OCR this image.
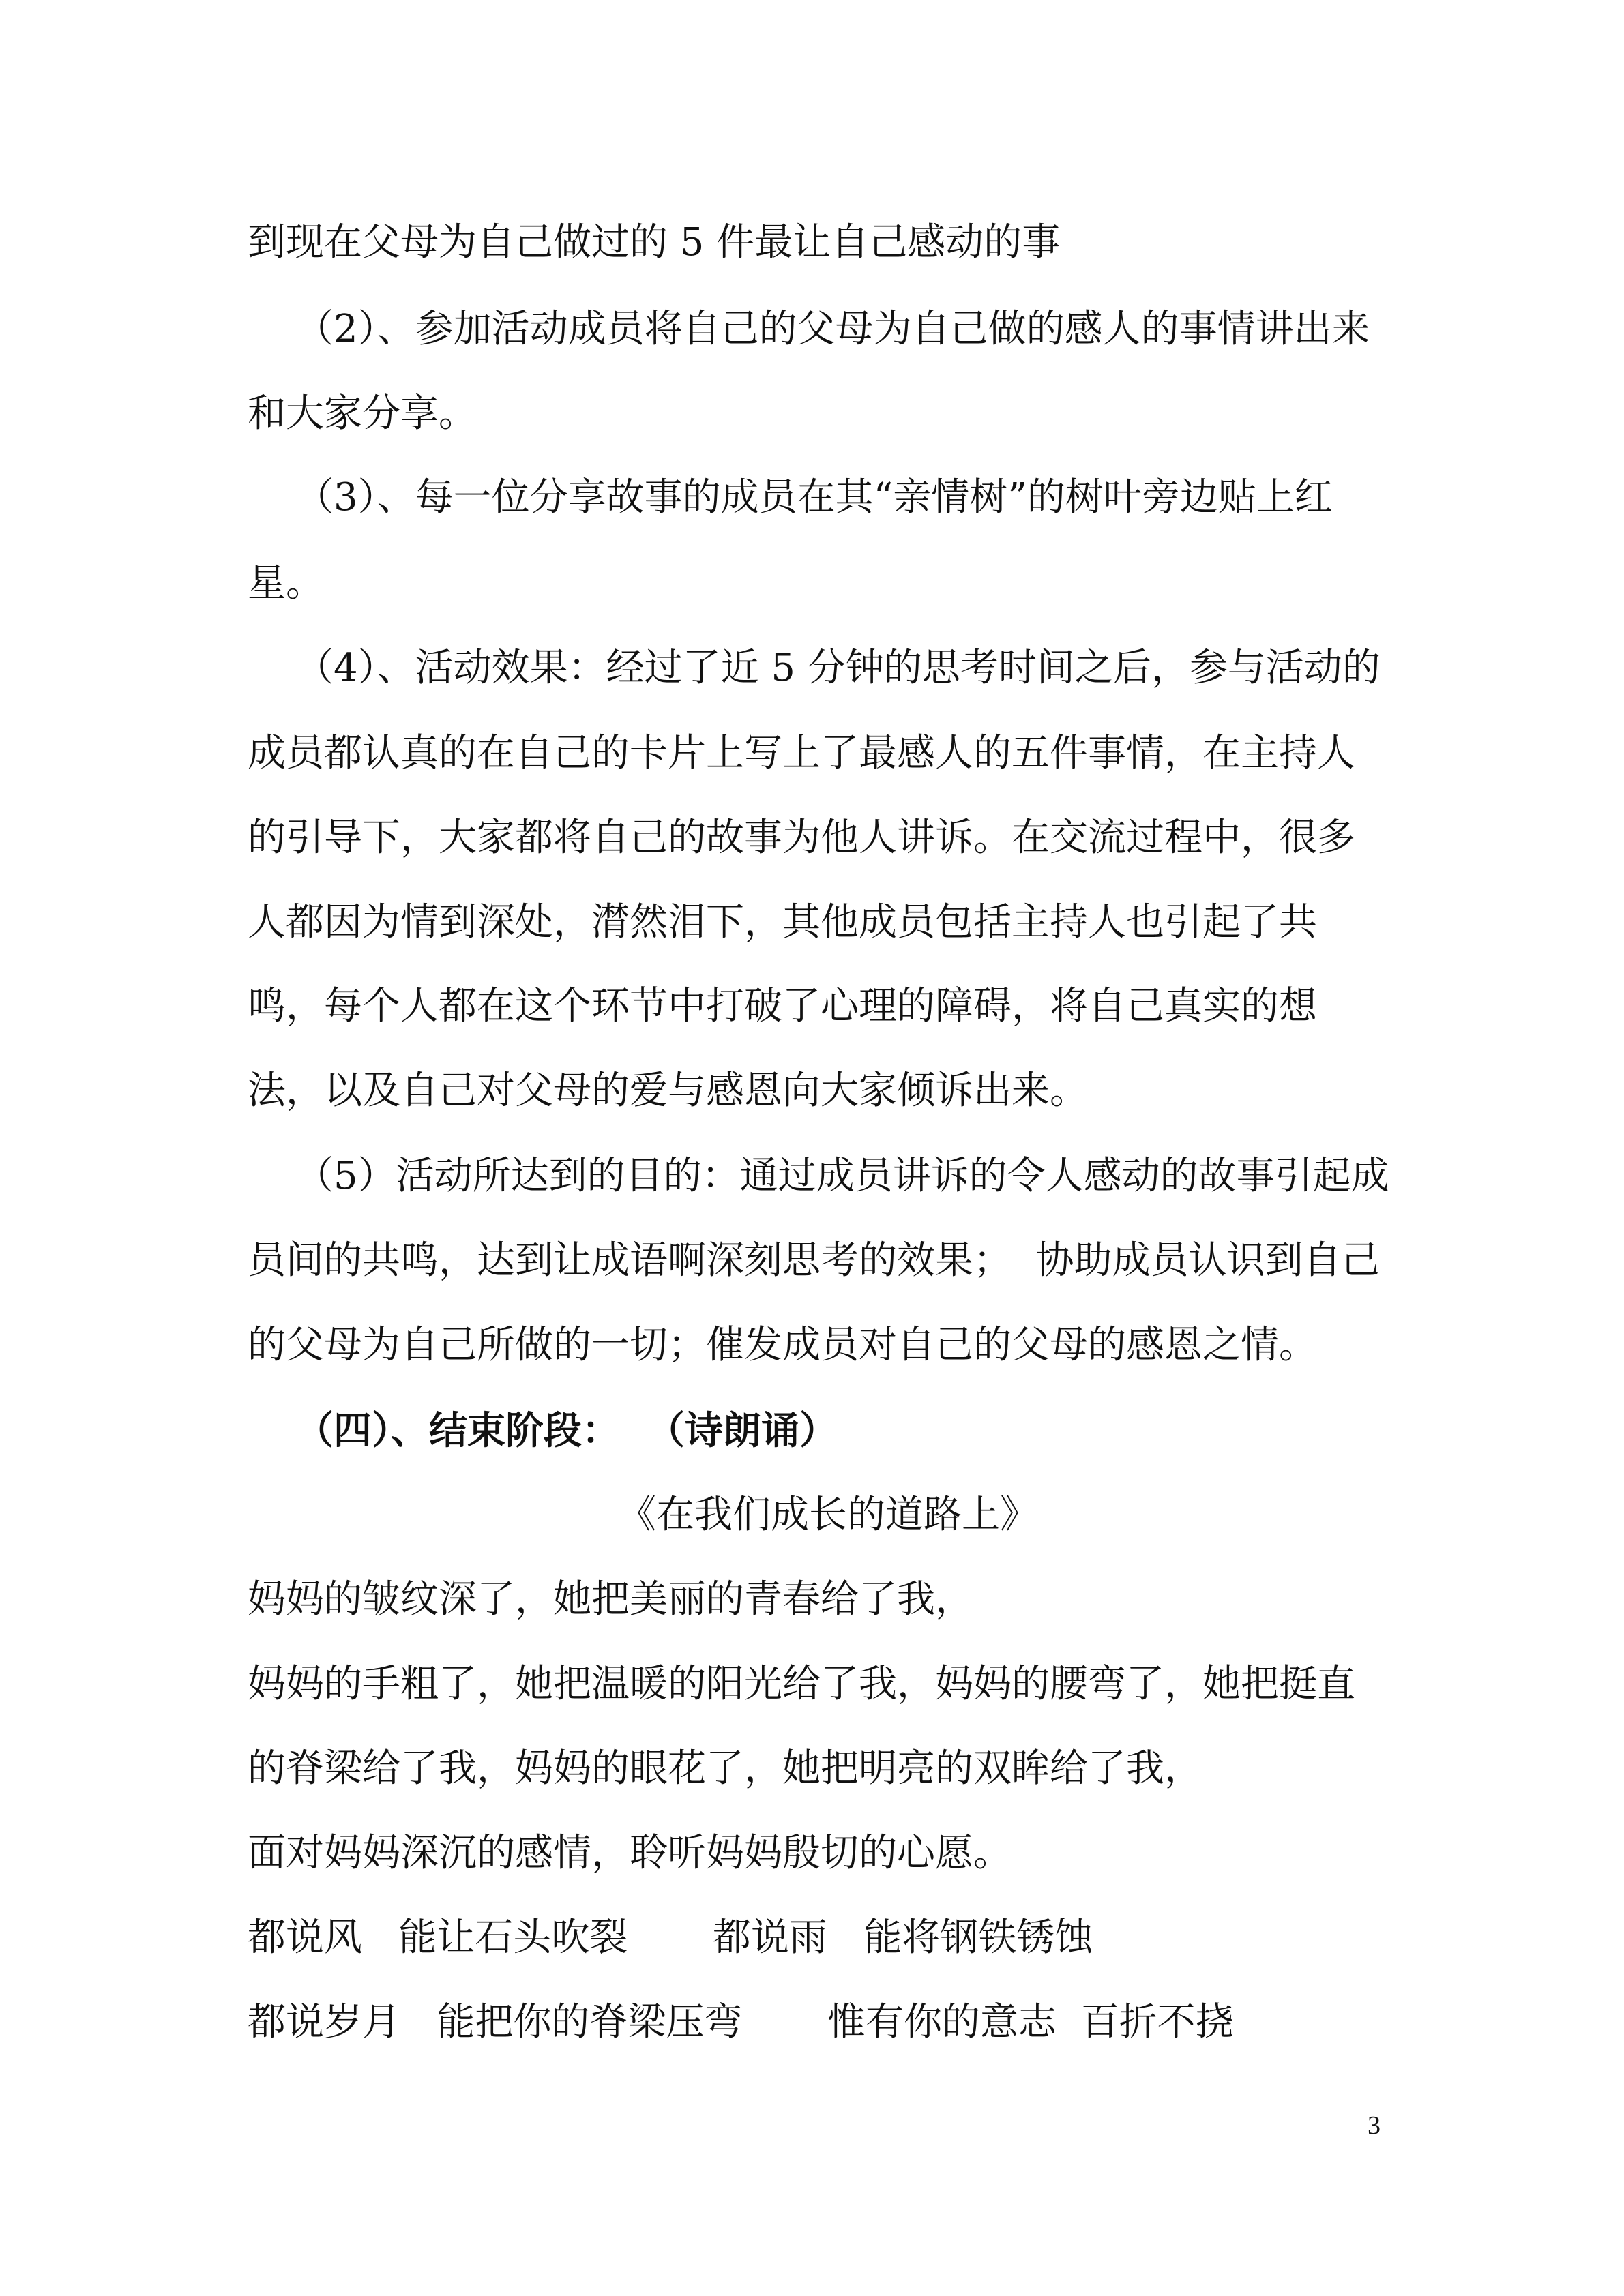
到现在父母为自己做过的 5 件最让自己感动的事
（2）、参加活动成员将自己的父母为自己做的感人的事情讲出来
和大家分享。
（3）、每一位分享故事的成员在其“亲情树”的树叶旁边贴上红
星。
（4）、活动效果：经过了近 5 分钟的思考时间之后，参与活动的
成员都认真的在自己的卡片上写上了最感人的五件事情，在主持人
的引导下，大家都将自己的故事为他人讲诉。在交流过程中，很多
人都因为情到深处，潸然泪下，其他成员包括主持人也引起了共
鸣，每个人都在这个环节中打破了心理的障碍，将自己真实的想
法，以及自己对父母的爱与感恩向大家倾诉出来。
（5）活动所达到的目的：通过成员讲诉的令人感动的故事引起成
员间的共鸣，达到让成语啊深刻思考的效果；  协助成员认识到自己
的父母为自己所做的一切；催发成员对自己的父母的感恩之情。
（四）、结束阶段：  （诗朗诵）
《在我们成长的道路上》
妈妈的皱纹深了，她把美丽的青春给了我，
妈妈的手粗了，她把温暖的阳光给了我，妈妈的腰弯了，她把挺直
的脊梁给了我，妈妈的眼花了，她把明亮的双眸给了我，
面对妈妈深沉的感情，聆听妈妈殷切的心愿。
都说风   能让石头吹裂       都说雨   能将钢铁锈蚀
都说岁月   能把你的脊梁压弯       惟有你的意志  百折不挠
3
